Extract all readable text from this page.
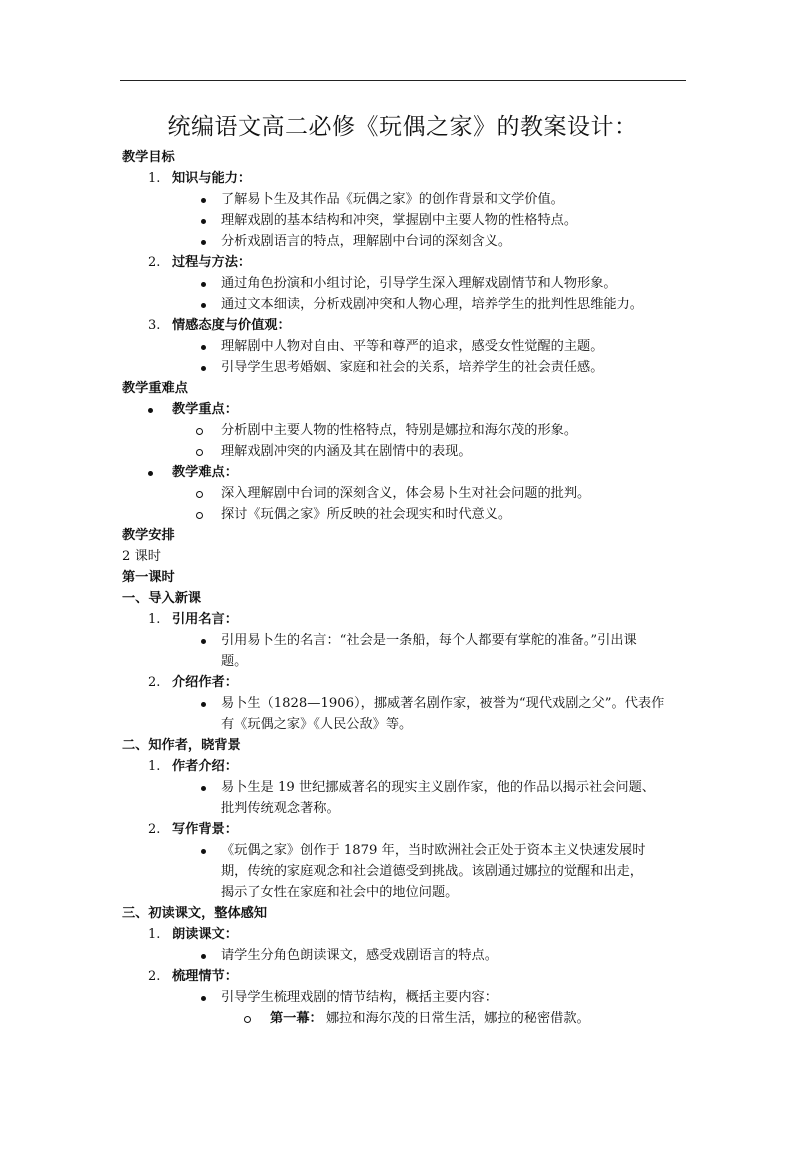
统编语文高二必修《玩偶之家》的教案设计：
教学目标
1. 知识与能力：
了解易卜生及其作品《玩偶之家》的创作背景和文学价值。
理解戏剧的基本结构和冲突，掌握剧中主要人物的性格特点。
分析戏剧语言的特点，理解剧中台词的深刻含义。
2. 过程与方法：
通过角色扮演和小组讨论，引导学生深入理解戏剧情节和人物形象。
通过文本细读，分析戏剧冲突和人物心理，培养学生的批判性思维能力。
3. 情感态度与价值观：
理解剧中人物对自由、平等和尊严的追求，感受女性觉醒的主题。
引导学生思考婚姻、家庭和社会的关系，培养学生的社会责任感。
教学重难点
教学重点：
分析剧中主要人物的性格特点，特别是娜拉和海尔茂的形象。
理解戏剧冲突的内涵及其在剧情中的表现。
教学难点：
深入理解剧中台词的深刻含义，体会易卜生对社会问题的批判。
探讨《玩偶之家》所反映的社会现实和时代意义。
教学安排
2 课时
第一课时
一、导入新课
1. 引用名言：
引用易卜生的名言：“社会是一条船，每个人都要有掌舵的准备。”引出课
题。
2. 介绍作者：
易卜生（1828—1906），挪威著名剧作家，被誉为“现代戏剧之父”。代表作
有《玩偶之家》《人民公敌》等。
二、知作者，晓背景
1. 作者介绍：
易卜生是 19 世纪挪威著名的现实主义剧作家，他的作品以揭示社会问题、
批判传统观念著称。
2. 写作背景：
《玩偶之家》创作于 1879 年，当时欧洲社会正处于资本主义快速发展时
期，传统的家庭观念和社会道德受到挑战。该剧通过娜拉的觉醒和出走，
揭示了女性在家庭和社会中的地位问题。
三、初读课文，整体感知
1. 朗读课文：
请学生分角色朗读课文，感受戏剧语言的特点。
2. 梳理情节：
引导学生梳理戏剧的情节结构，概括主要内容：
第一幕： 娜拉和海尔茂的日常生活，娜拉的秘密借款。
